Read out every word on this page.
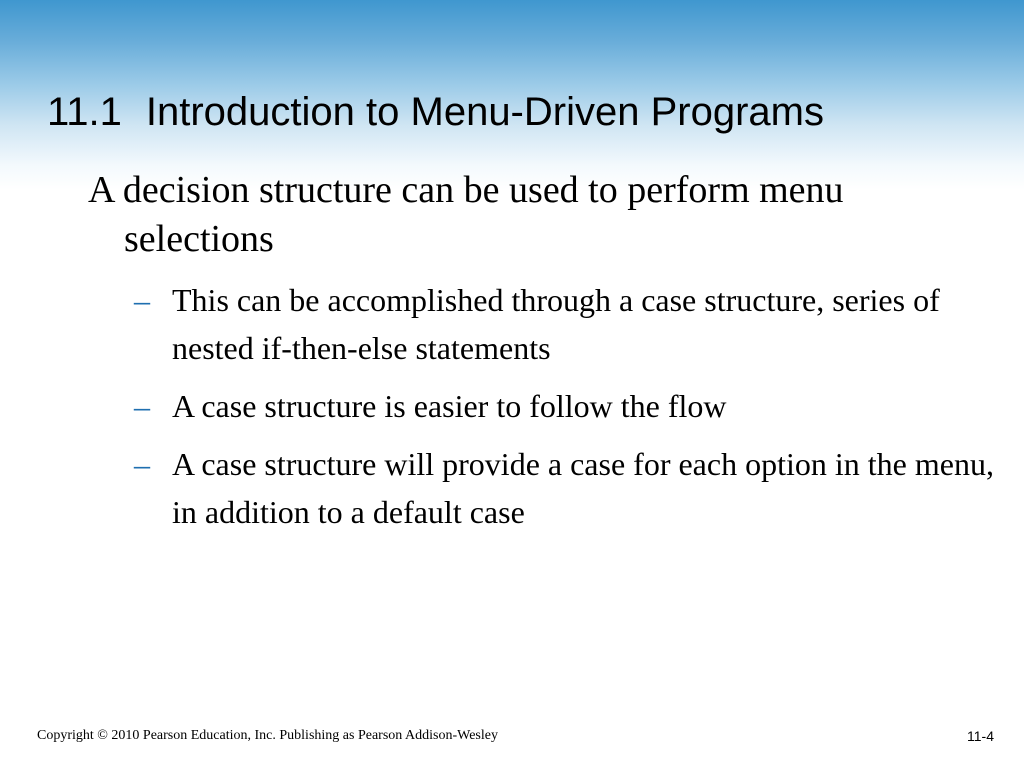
11.1 Introduction to Menu-Driven Programs

A decision structure can be used to perform menu selections

– This can be accomplished through a case structure, series of nested if-then-else statements
– A case structure is easier to follow the flow
– A case structure will provide a case for each option in the menu, in addition to a default case
Copyright © 2010 Pearson Education, Inc. Publishing as Pearson Addison-Wesley	11-4
